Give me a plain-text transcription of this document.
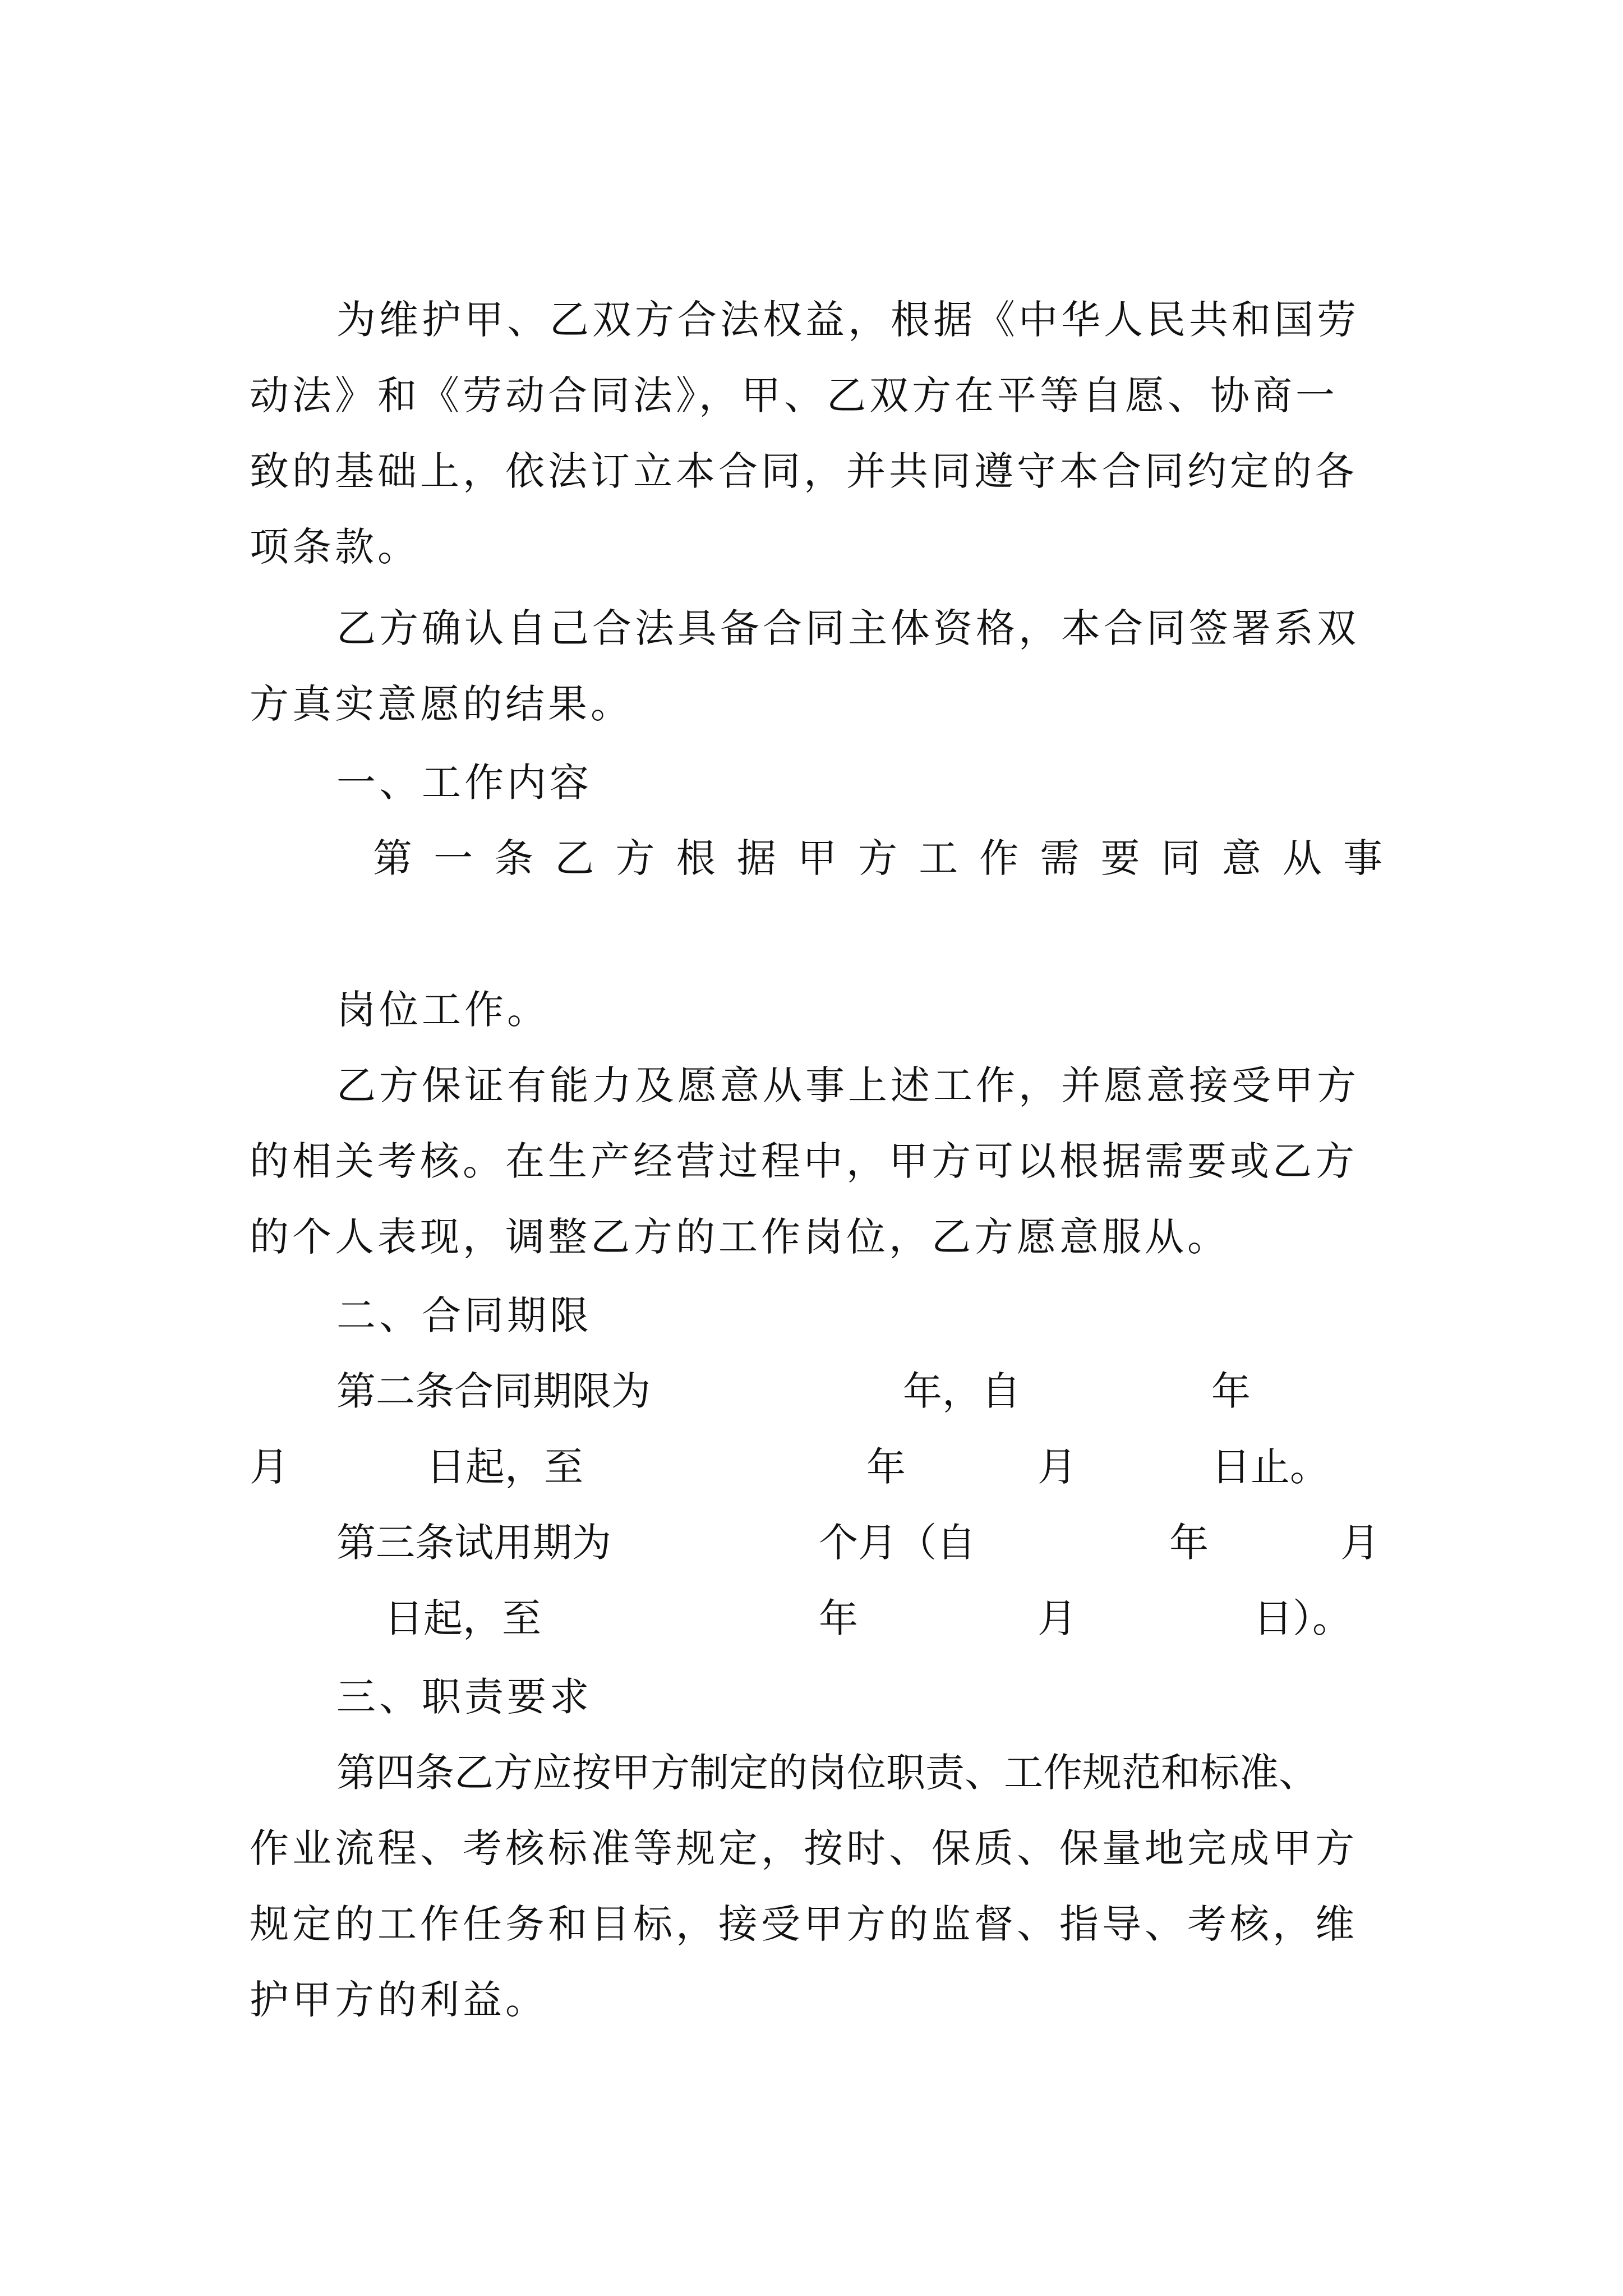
为维护甲、乙双方合法权益，根据《中华人民共和国劳
动法》和《劳动合同法》，甲、乙双方在平等自愿、协商一
致的基础上，依法订立本合同，并共同遵守本合同约定的各
项条款。
乙方确认自己合法具备合同主体资格，本合同签署系双
方真实意愿的结果。
一、工作内容
第一条乙方根据甲方工作需要同意从事
岗位工作。
乙方保证有能力及愿意从事上述工作，并愿意接受甲方
的相关考核。在生产经营过程中，甲方可以根据需要或乙方
的个人表现，调整乙方的工作岗位，乙方愿意服从。
二、合同期限
第二条合同期限为	年，自	年
月	日起，至	年	月	日止。
第三条试用期为	个月（自	年	月
日起，至	年	月	日）。
三、职责要求
第四条乙方应按甲方制定的岗位职责、工作规范和标准、
作业流程、考核标准等规定，按时、保质、保量地完成甲方
规定的工作任务和目标，接受甲方的监督、指导、考核，维
护甲方的利益。
